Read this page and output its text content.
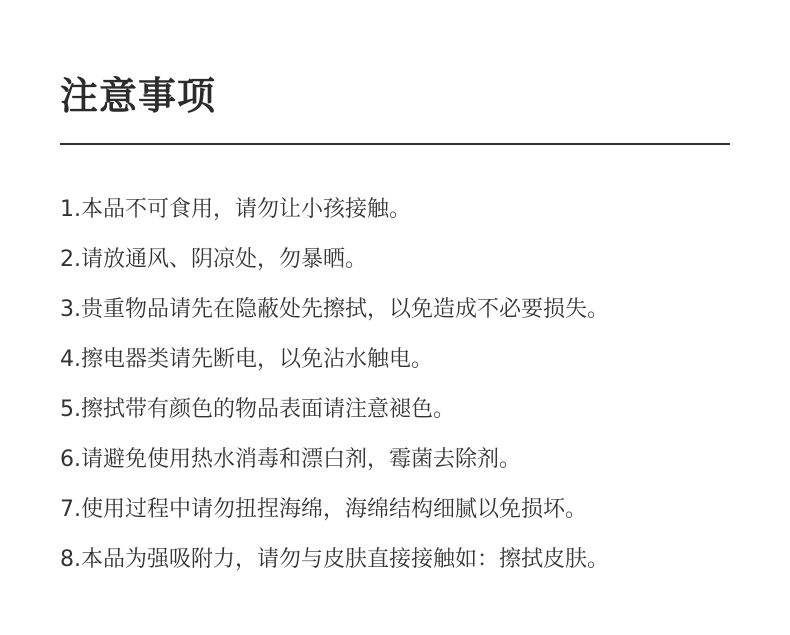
注意事项
1.本品不可食用，请勿让小孩接触。
2.请放通风、阴凉处，勿暴晒。
3.贵重物品请先在隐蔽处先擦拭，以免造成不必要损失。
4.擦电器类请先断电，以免沾水触电。
5.擦拭带有颜色的物品表面请注意褪色。
6.请避免使用热水消毒和漂白剂，霉菌去除剂。
7.使用过程中请勿扭捏海绵，海绵结构细腻以免损坏。
8.本品为强吸附力，请勿与皮肤直接接触如：擦拭皮肤。
